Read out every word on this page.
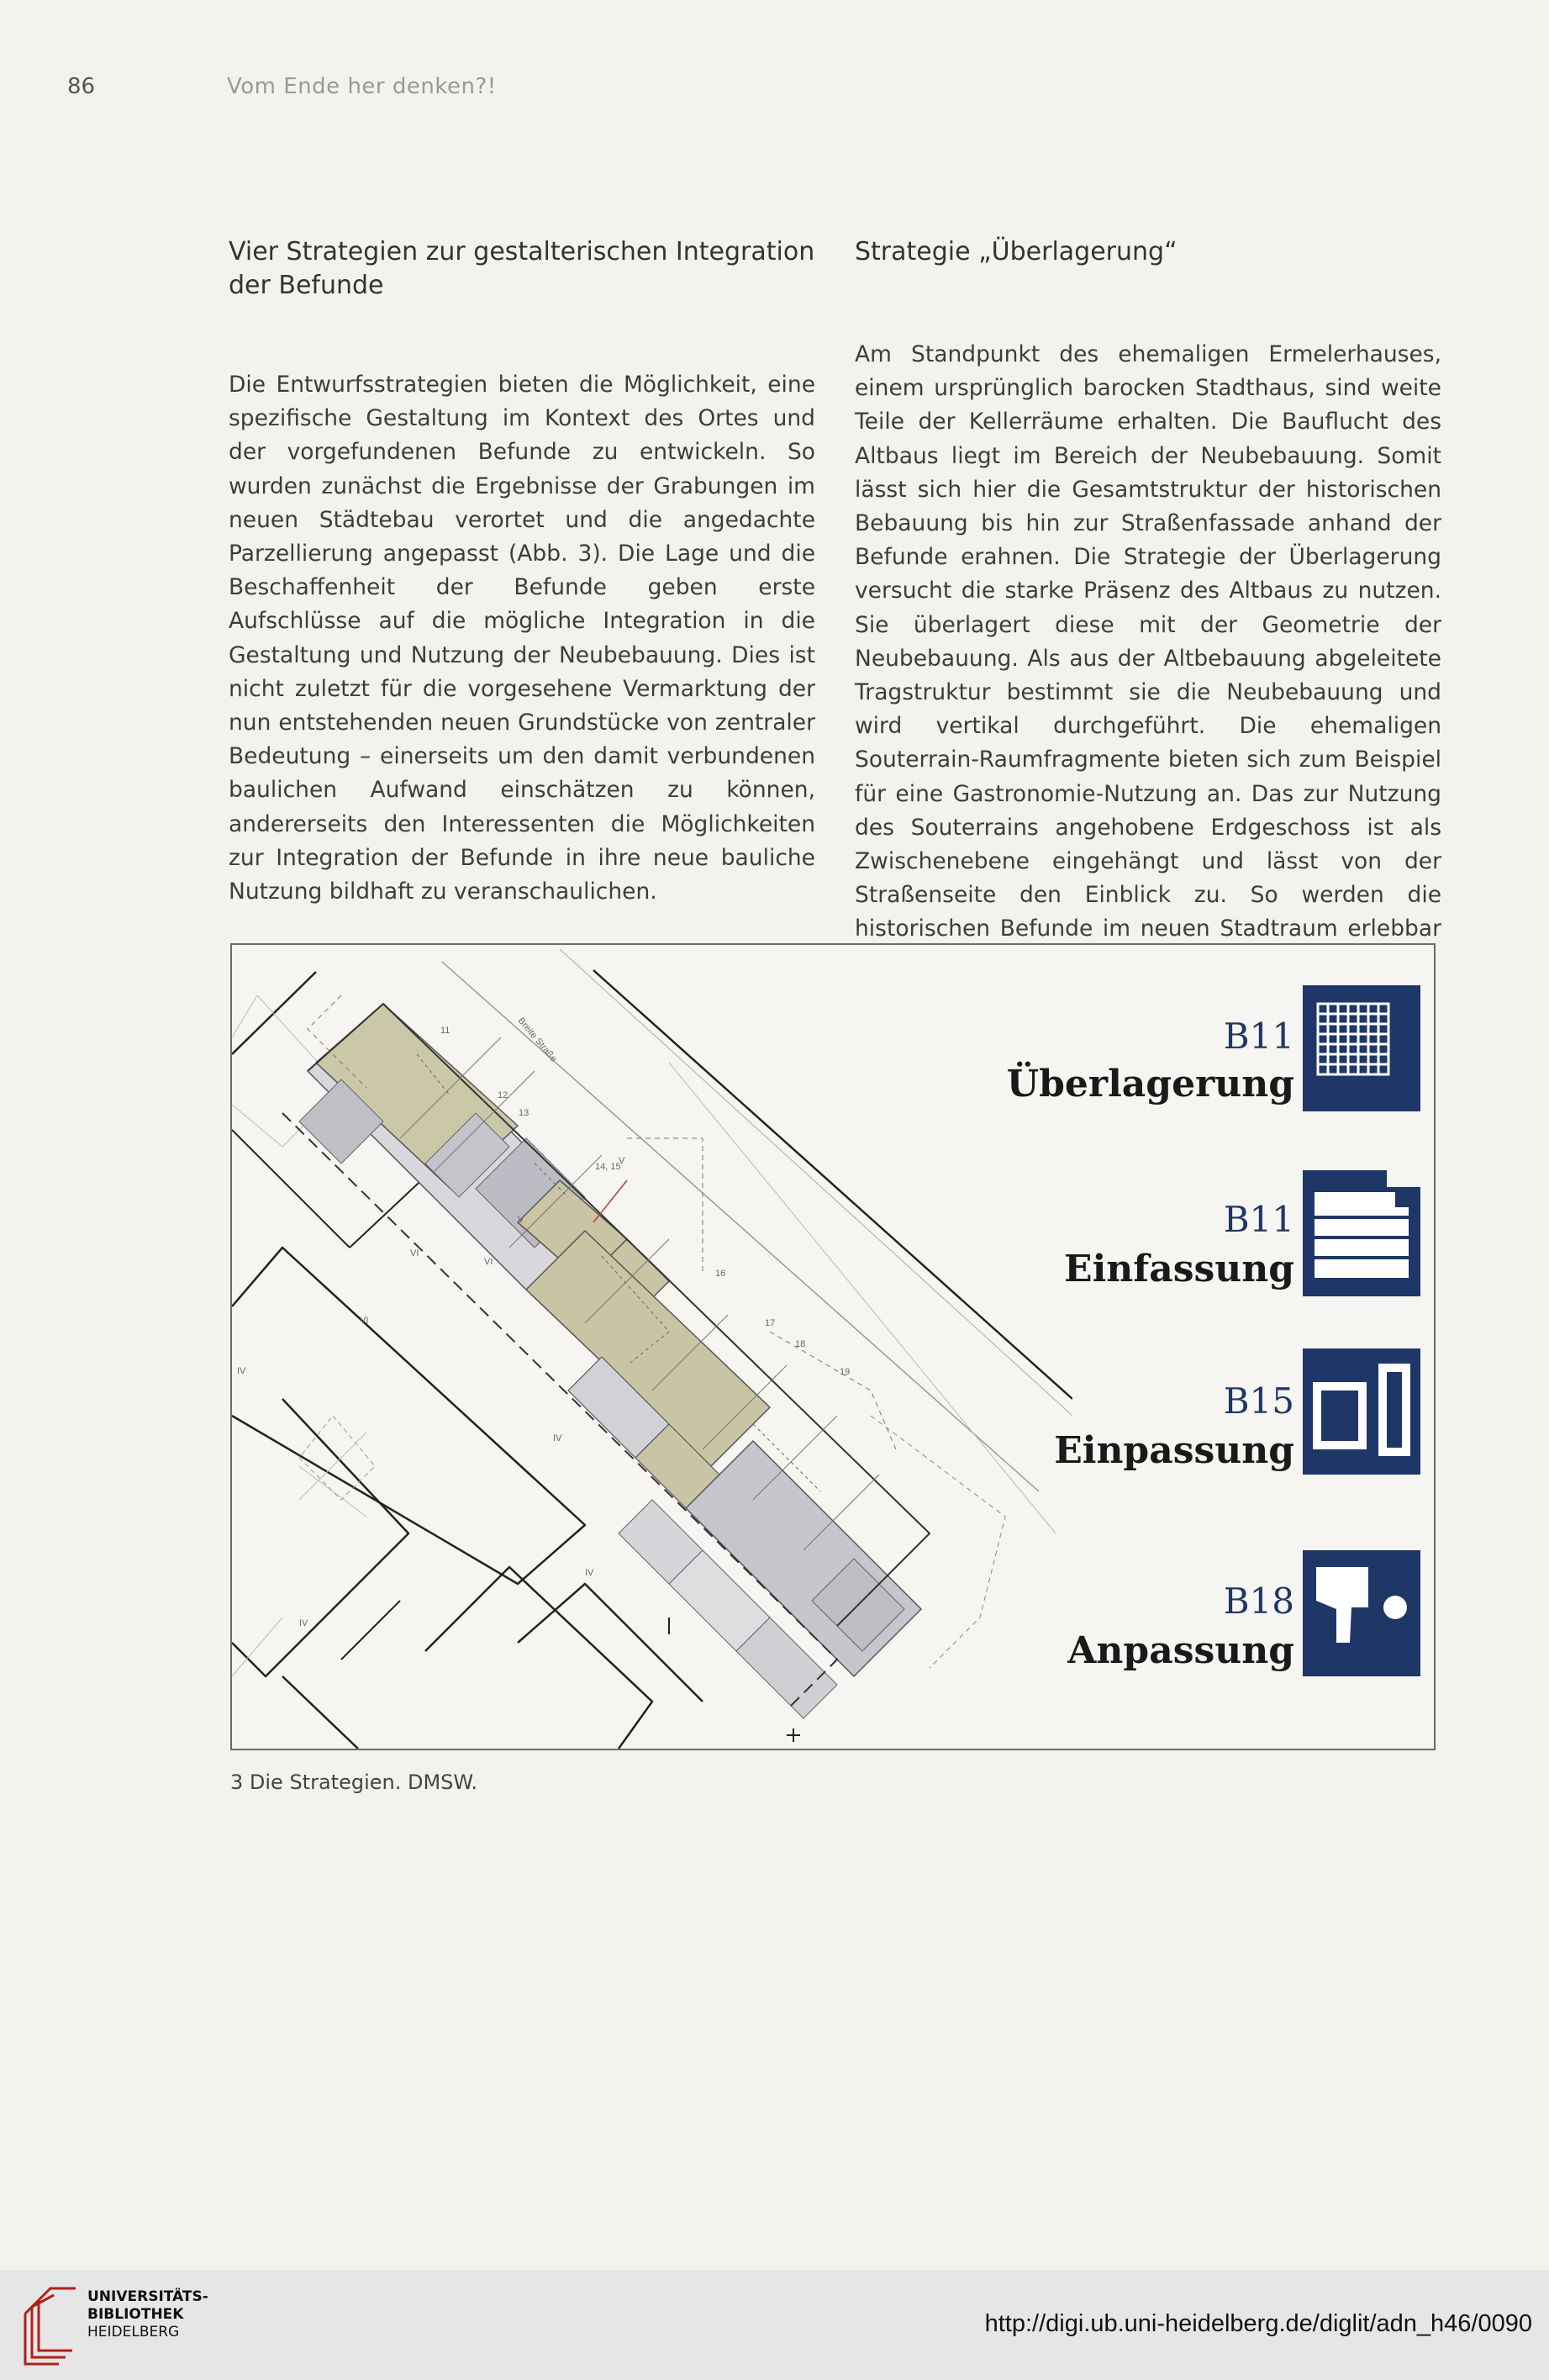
86	Vom Ende her denken?!
Vier Strategien zur gestalterischen Integration der Befunde

Die Entwurfsstrategien bieten die Möglichkeit, eine spezifische Gestaltung im Kontext des Ortes und der vorgefundenen Befunde zu entwickeln. So wurden zunächst die Ergebnisse der Grabungen im neuen Städtebau verortet und die angedachte Parzellierung angepasst (Abb. 3). Die Lage und die Beschaffenheit der Befunde geben erste Aufschlüsse auf die mögliche Integration in die Gestaltung und Nutzung der Neubebauung. Dies ist nicht zuletzt für die vorgesehene Vermarktung der nun entstehenden neuen Grundstücke von zentraler Bedeutung – einerseits um den damit verbundenen baulichen Aufwand einschätzen zu können, andererseits den Interessenten die Möglichkeiten zur Integration der Befunde in ihre neue bauliche Nutzung bildhaft zu veranschaulichen.

Strategie „Überlagerung“

Am Standpunkt des ehemaligen Ermelerhauses, einem ursprünglich barocken Stadthaus, sind weite Teile der Kellerräume erhalten. Die Bauflucht des Altbaus liegt im Bereich der Neubebauung. Somit lässt sich hier die Gesamtstruktur der historischen Bebauung bis hin zur Straßenfassade anhand der Befunde erahnen. Die Strategie der Überlagerung versucht die starke Präsenz des Altbaus zu nutzen. Sie überlagert diese mit der Geometrie der Neubebauung. Als aus der Altbebauung abgeleitete Tragstruktur bestimmt sie die Neubebauung und wird vertikal durchgeführt. Die ehemaligen Souterrain-Raumfragmente bieten sich zum Beispiel für eine Gastronomie-Nutzung an. Das zur Nutzung des Souterrains angehobene Erdgeschoss ist als Zwischenebene eingehängt und lässt von der Straßenseite den Einblick zu. So werden die historischen Befunde im neuen Stadtraum erlebbar

Breite Straße
11
12
13
14, 15
16
17
18
19
VI
VI
IV
IV
IV
IV
V
VI
V
B11
Überlagerung
B11
Einfassung
B15
Einpassung
B18
Anpassung
3 Die Strategien. DMSW.
UNIVERSITÄTS-
BIBLIOTHEK
HEIDELBERG	http://digi.ub.uni-heidelberg.de/diglit/adn_h46/0090
